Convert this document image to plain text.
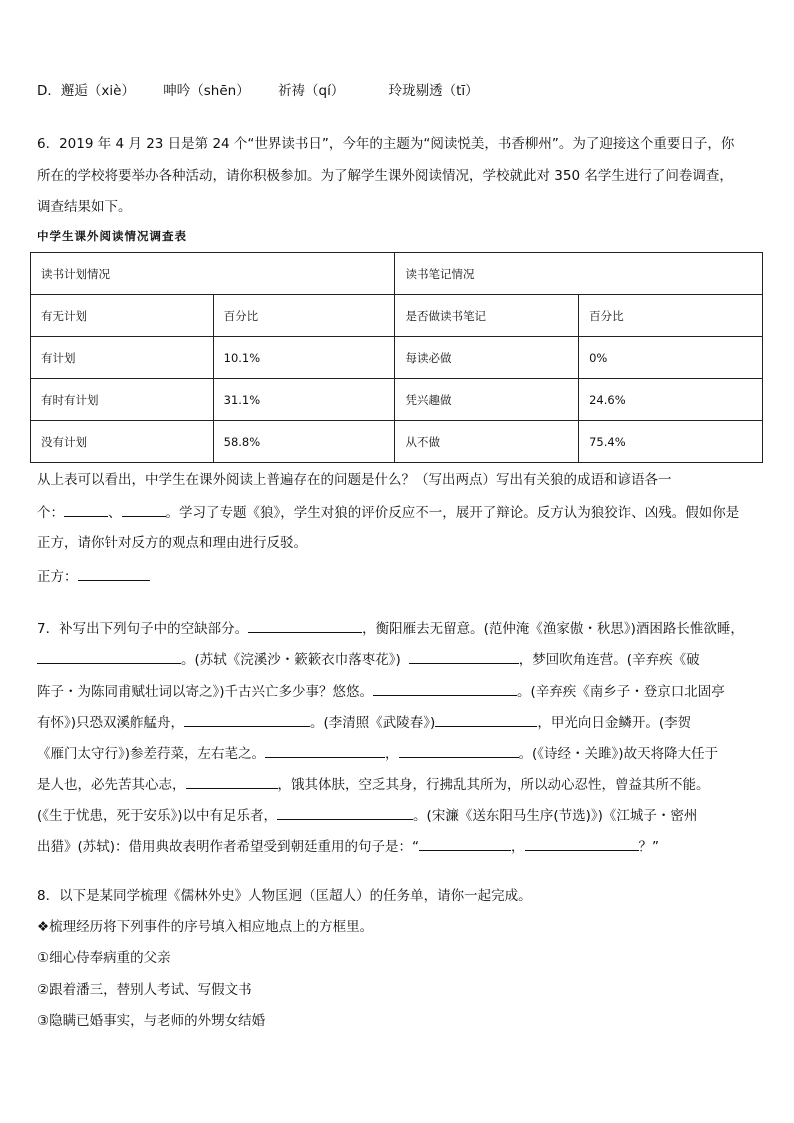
D．邂逅（xiè） 呻吟（shēn） 祈祷（qí）	玲珑剔透（tī）
6．2019 年 4 月 23 日是第 24 个“世界读书日”，今年的主题为“阅读悦美，书香柳州”。为了迎接这个重要日子，你
所在的学校将要举办各种活动，请你积极参加。为了解学生课外阅读情况，学校就此对 350 名学生进行了问卷调查，
调查结果如下。
中学生课外阅读情况调查表
读书计划情况		读书笔记情况	
有无计划	百分比	是否做读书笔记	百分比
有计划	10.1%	每读必做	0%
有时有计划	31.1%	凭兴趣做	24.6%
没有计划	58.8%	从不做	75.4%
从上表可以看出，中学生在课外阅读上普遍存在的问题是什么？（写出两点）写出有关狼的成语和谚语各一
个：	、	。学习了专题《狼》，学生对狼的评价反应不一，展开了辩论。反方认为狼狡诈、凶残。假如你是
正方，请你针对反方的观点和理由进行反驳。
正方：
7．补写出下列句子中的空缺部分。	，衡阳雁去无留意。(范仲淹《渔家傲・秋思》)酒困路长惟欲睡，
。(苏轼《浣溪沙・簌簌衣巾落枣花》)	，梦回吹角连营。(辛弃疾《破
阵子・为陈同甫赋壮词以寄之》)千古兴亡多少事？悠悠。	。(辛弃疾《南乡子・登京口北固亭
有怀》)只恐双溪舴艋舟，	。(李清照《武陵春》)	，甲光向日金鳞开。(李贺
《雁门太守行》)参差荇菜，左右芼之。	，	。(《诗经・关雎》)故天将降大任于
是人也，必先苦其心志，	，饿其体肤，空乏其身，行拂乱其所为，所以动心忍性，曾益其所不能。
(《生于忧患，死于安乐》)以中有足乐者，	。(宋濂《送东阳马生序(节选)》)《江城子・密州
出猎》(苏轼)：借用典故表明作者希望受到朝廷重用的句子是：“	，	？”
8．以下是某同学梳理《儒林外史》人物匡迥（匡超人）的任务单，请你一起完成。
❖梳理经历将下列事件的序号填入相应地点上的方框里。
①细心侍奉病重的父亲
②跟着潘三，替别人考试、写假文书
③隐瞒已婚事实，与老师的外甥女结婚
